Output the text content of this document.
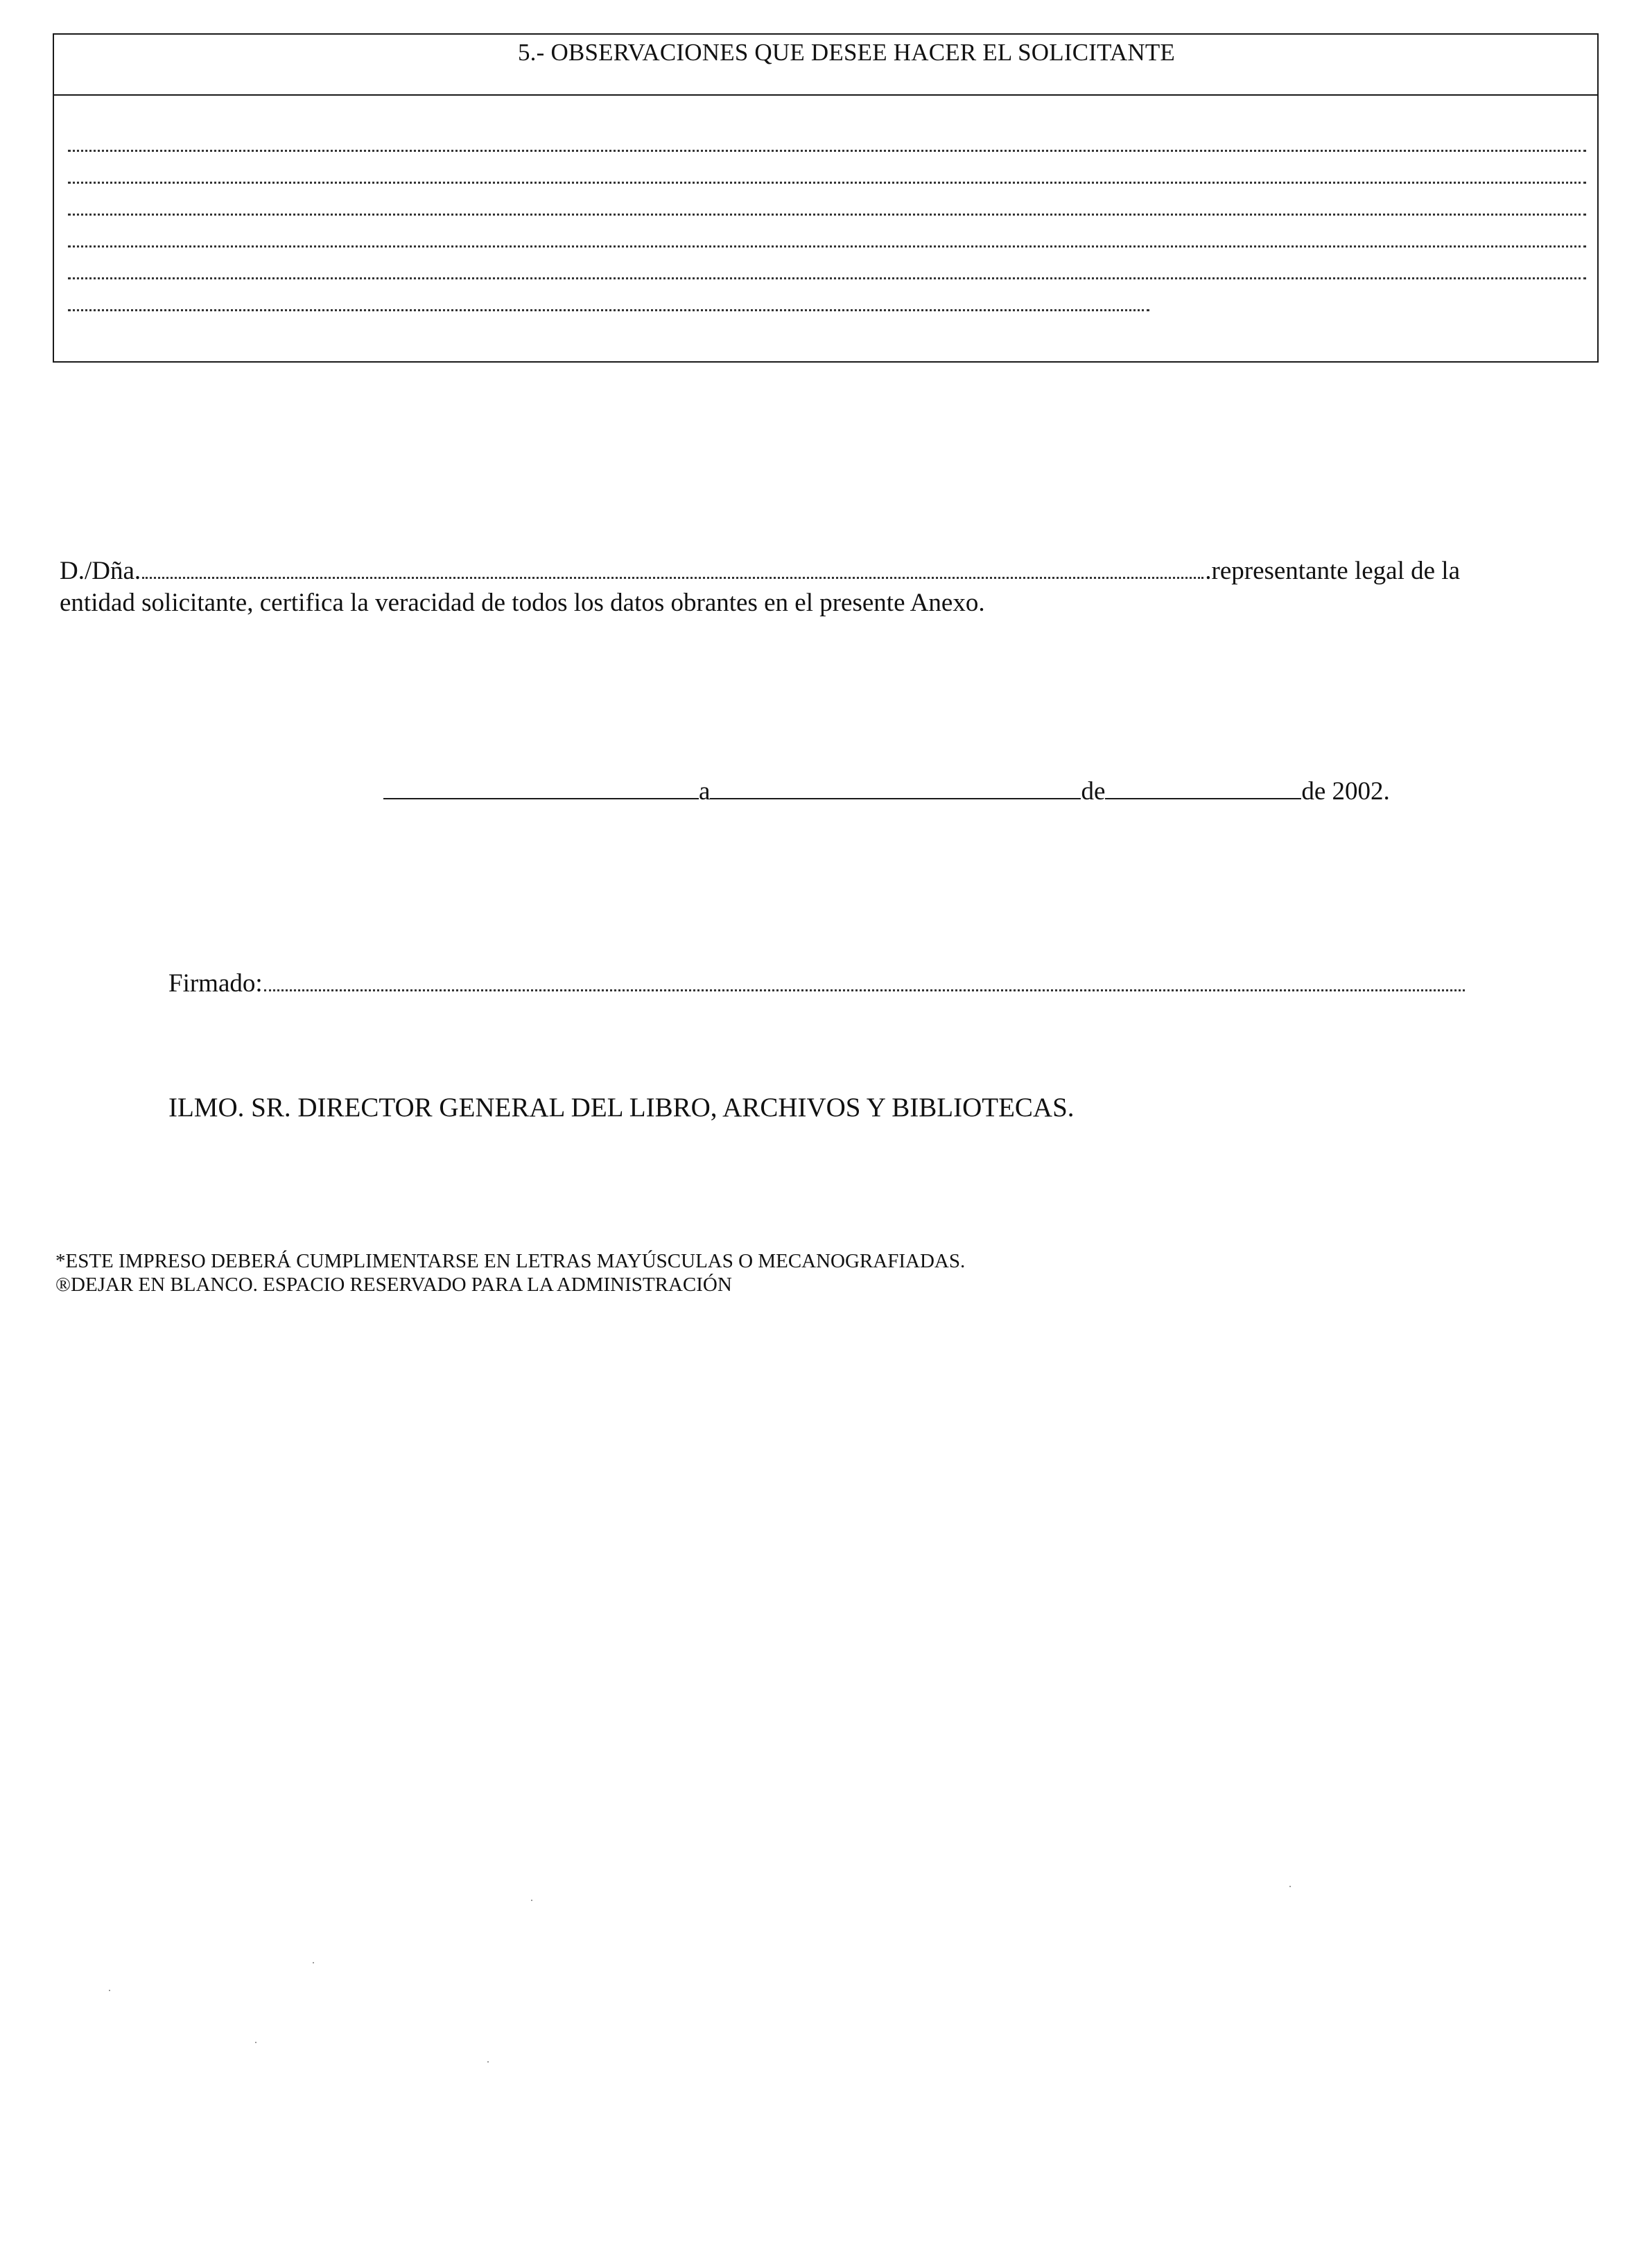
5.- OBSERVACIONES QUE DESEE HACER EL SOLICITANTE
D./Dña.	.representante legal de la
entidad solicitante, certifica la veracidad de todos los datos obrantes en el presente Anexo.
a	de	de 2002.
Firmado:
ILMO. SR. DIRECTOR GENERAL DEL LIBRO, ARCHIVOS Y BIBLIOTECAS.
*ESTE IMPRESO DEBERÁ CUMPLIMENTARSE EN LETRAS MAYÚSCULAS O MECANOGRAFIADAS.
®DEJAR EN BLANCO. ESPACIO RESERVADO PARA LA ADMINISTRACIÓN
